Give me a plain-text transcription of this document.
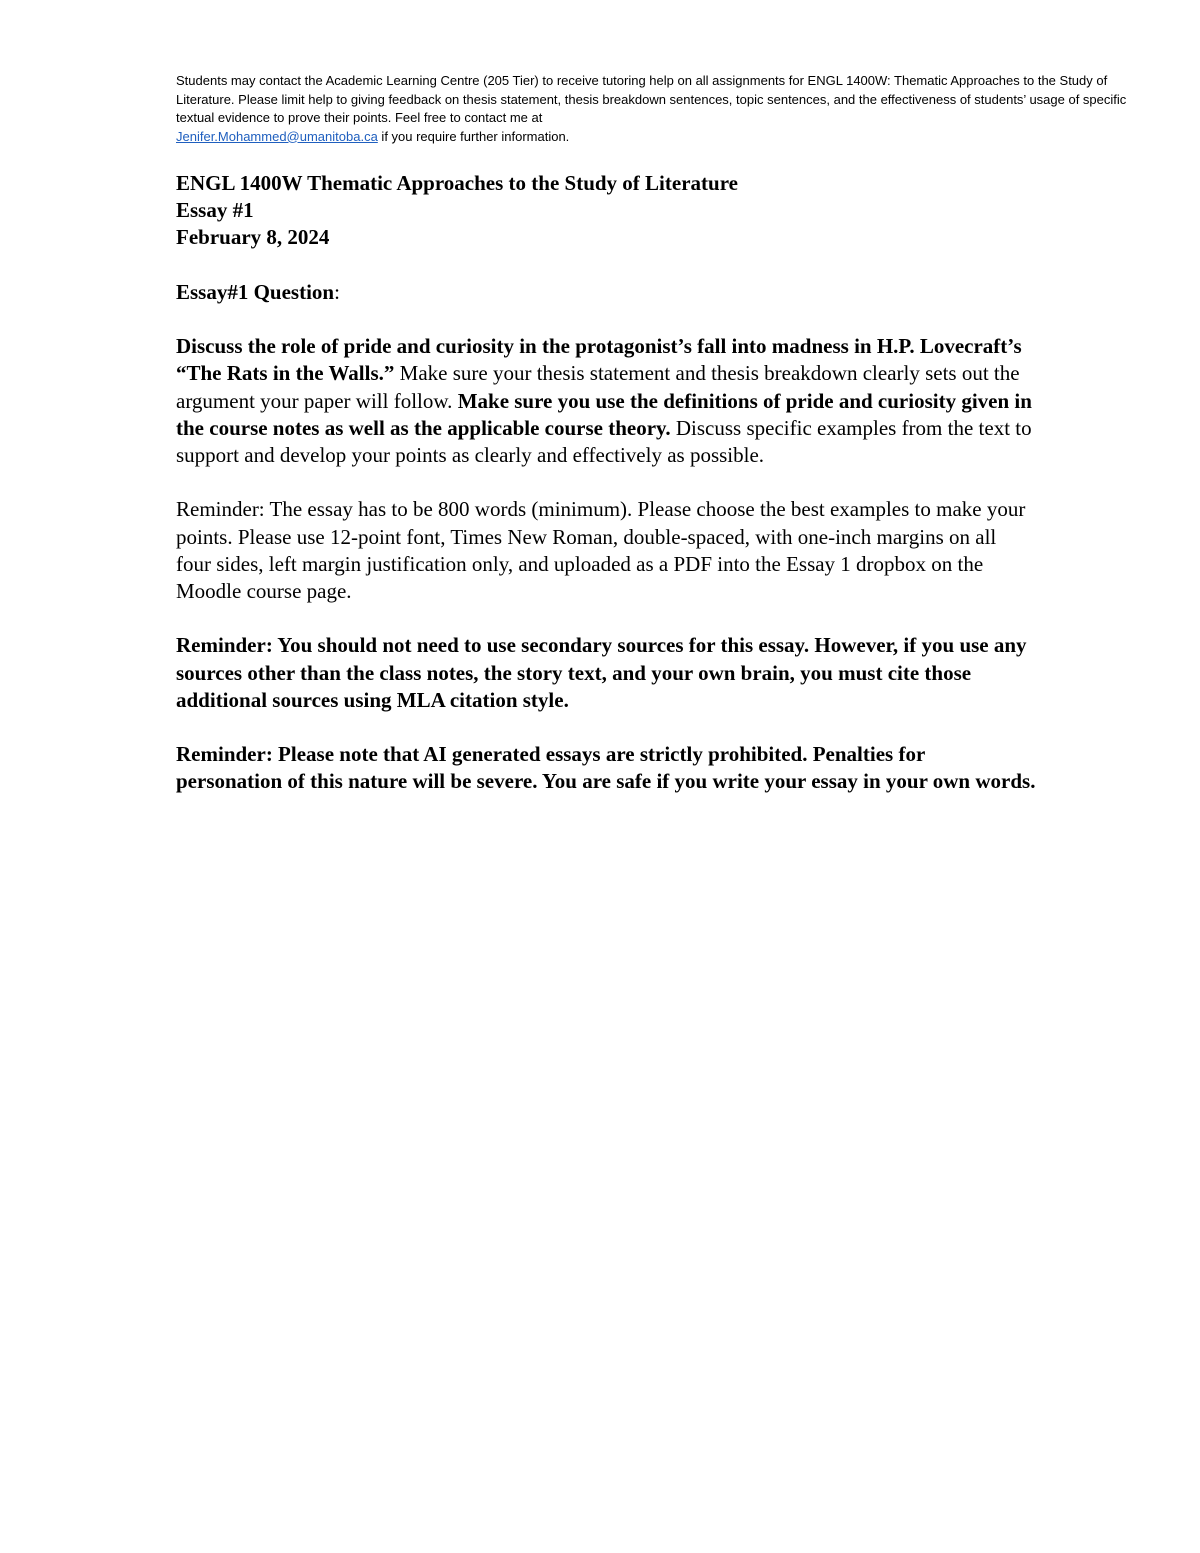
Students may contact the Academic Learning Centre (205 Tier) to receive tutoring help on all assignments for ENGL 1400W: Thematic Approaches to the Study of Literature. Please limit help to giving feedback on thesis statement, thesis breakdown sentences, topic sentences, and the effectiveness of students’ usage of specific textual evidence to prove their points. Feel free to contact me at
Jenifer.Mohammed@umanitoba.ca if you require further information.

ENGL 1400W Thematic Approaches to the Study of Literature
Essay #1
February 8, 2024

Essay#1 Question:

Discuss the role of pride and curiosity in the protagonist’s fall into madness in H.P. Lovecraft’s “The Rats in the Walls.” Make sure your thesis statement and thesis breakdown clearly sets out the argument your paper will follow. Make sure you use the definitions of pride and curiosity given in the course notes as well as the applicable course theory. Discuss specific examples from the text to support and develop your points as clearly and effectively as possible.

Reminder: The essay has to be 800 words (minimum). Please choose the best examples to make your points. Please use 12-point font, Times New Roman, double-spaced, with one-inch margins on all four sides, left margin justification only, and uploaded as a PDF into the Essay 1 dropbox on the Moodle course page.

Reminder: You should not need to use secondary sources for this essay. However, if you use any sources other than the class notes, the story text, and your own brain, you must cite those additional sources using MLA citation style.

Reminder: Please note that AI generated essays are strictly prohibited. Penalties for personation of this nature will be severe. You are safe if you write your essay in your own words.
